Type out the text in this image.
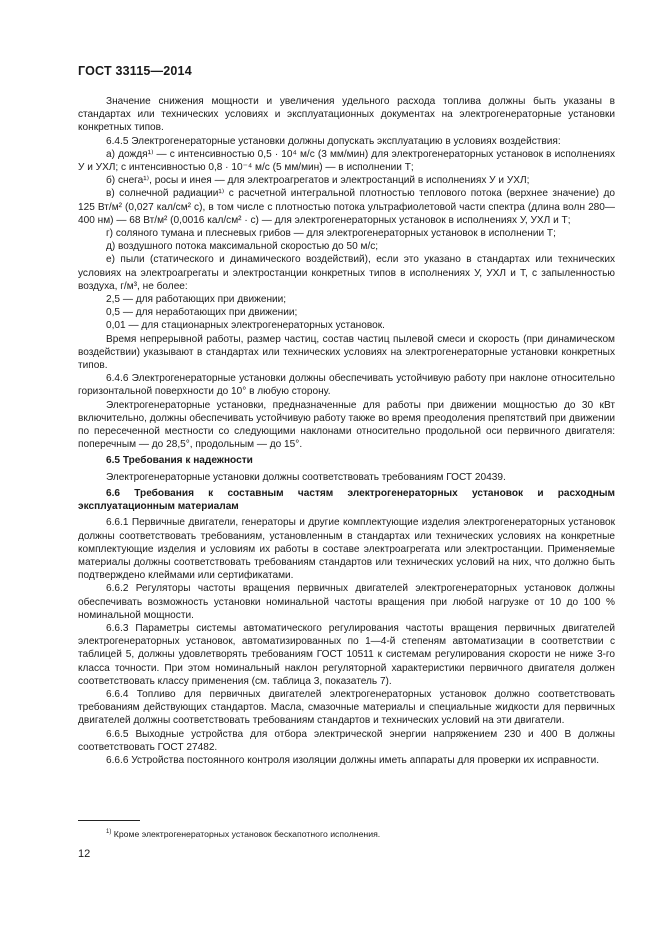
ГОСТ 33115—2014

Значение снижения мощности и увеличения удельного расхода топлива должны быть указаны в стандартах или технических условиях и эксплуатационных документах на электрогенераторные установки конкретных типов.

6.4.5 Электрогенераторные установки должны допускать эксплуатацию в условиях воздействия:

а) дождя¹⁾ — с интенсивностью 0,5 · 10⁴ м/с (3 мм/мин) для электрогенераторных установок в исполнениях У и УХЛ; с интенсивностью 0,8 · 10⁻⁴ м/с (5 мм/мин) — в исполнении Т;

б) снега¹⁾, росы и инея — для электроагрегатов и электростанций в исполнениях У и УХЛ;

в) солнечной радиации¹⁾ с расчетной интегральной плотностью теплового потока (верхнее значение) до 125 Вт/м² (0,027 кал/см² с), в том числе с плотностью потока ультрафиолетовой части спектра (длина волн 280—400 нм) — 68 Вт/м² (0,0016 кал/см² · с) — для электрогенераторных установок в исполнениях У, УХЛ и Т;

г) соляного тумана и плесневых грибов — для электрогенераторных установок в исполнении Т;

д) воздушного потока максимальной скоростью до 50 м/с;

е) пыли (статического и динамического воздействий), если это указано в стандартах или технических условиях на электроагрегаты и электростанции конкретных типов в исполнениях У, УХЛ и Т, с запыленностью воздуха, г/м³, не более:

2,5 — для работающих при движении;

0,5 — для неработающих при движении;

0,01 — для стационарных электрогенераторных установок.

Время непрерывной работы, размер частиц, состав частиц пылевой смеси и скорость (при динамическом воздействии) указывают в стандартах или технических условиях на электрогенераторные установки конкретных типов.

6.4.6 Электрогенераторные установки должны обеспечивать устойчивую работу при наклоне относительно горизонтальной поверхности до 10° в любую сторону.

Электрогенераторные установки, предназначенные для работы при движении мощностью до 30 кВт включительно, должны обеспечивать устойчивую работу также во время преодоления препятствий при движении по пересеченной местности со следующими наклонами относительно продольной оси первичного двигателя: поперечным — до 28,5°, продольным — до 15°.

6.5 Требования к надежности

Электрогенераторные установки должны соответствовать требованиям ГОСТ 20439.

6.6 Требования к составным частям электрогенераторных установок и расходным эксплуатационным материалам

6.6.1 Первичные двигатели, генераторы и другие комплектующие изделия электрогенераторных установок должны соответствовать требованиям, установленным в стандартах или технических условиях на конкретные комплектующие изделия и условиям их работы в составе электроагрегата или электростанции. Применяемые материалы должны соответствовать требованиям стандартов или технических условий на них, что должно быть подтверждено клеймами или сертификатами.

6.6.2 Регуляторы частоты вращения первичных двигателей электрогенераторных установок должны обеспечивать возможность установки номинальной частоты вращения при любой нагрузке от 10 до 100 % номинальной мощности.

6.6.3 Параметры системы автоматического регулирования частоты вращения первичных двигателей электрогенераторных установок, автоматизированных по 1—4-й степеням автоматизации в соответствии с таблицей 5, должны удовлетворять требованиям ГОСТ 10511 к системам регулирования скорости не ниже 3-го класса точности. При этом номинальный наклон регуляторной характеристики первичного двигателя должен соответствовать классу применения (см. таблица 3, показатель 7).

6.6.4 Топливо для первичных двигателей электрогенераторных установок должно соответствовать требованиям действующих стандартов. Масла, смазочные материалы и специальные жидкости для первичных двигателей должны соответствовать требованиям стандартов и технических условий на эти двигатели.

6.6.5 Выходные устройства для отбора электрической энергии напряжением 230 и 400 В должны соответствовать ГОСТ 27482.

6.6.6 Устройства постоянного контроля изоляции должны иметь аппараты для проверки их исправности.

$^{1)}$ Кроме электрогенераторных установок бескапотного исполнения.
12
